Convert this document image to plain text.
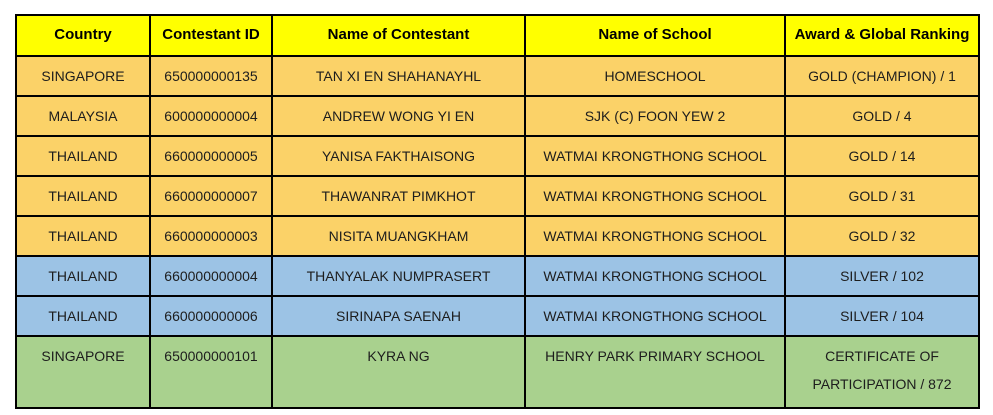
Country	Contestant ID	Name of Contestant	Name of School	Award & Global Ranking
SINGAPORE	650000000135	TAN XI EN SHAHANAYHL	HOMESCHOOL	GOLD (CHAMPION) / 1
MALAYSIA	600000000004	ANDREW WONG YI EN	SJK (C) FOON YEW 2	GOLD / 4
THAILAND	660000000005	YANISA FAKTHAISONG	WATMAI KRONGTHONG SCHOOL	GOLD / 14
THAILAND	660000000007	THAWANRAT PIMKHOT	WATMAI KRONGTHONG SCHOOL	GOLD / 31
THAILAND	660000000003	NISITA MUANGKHAM	WATMAI KRONGTHONG SCHOOL	GOLD / 32
THAILAND	660000000004	THANYALAK NUMPRASERT	WATMAI KRONGTHONG SCHOOL	SILVER / 102
THAILAND	660000000006	SIRINAPA SAENAH	WATMAI KRONGTHONG SCHOOL	SILVER / 104
SINGAPORE	650000000101	KYRA NG	HENRY PARK PRIMARY SCHOOL	CERTIFICATE OF PARTICIPATION / 872
